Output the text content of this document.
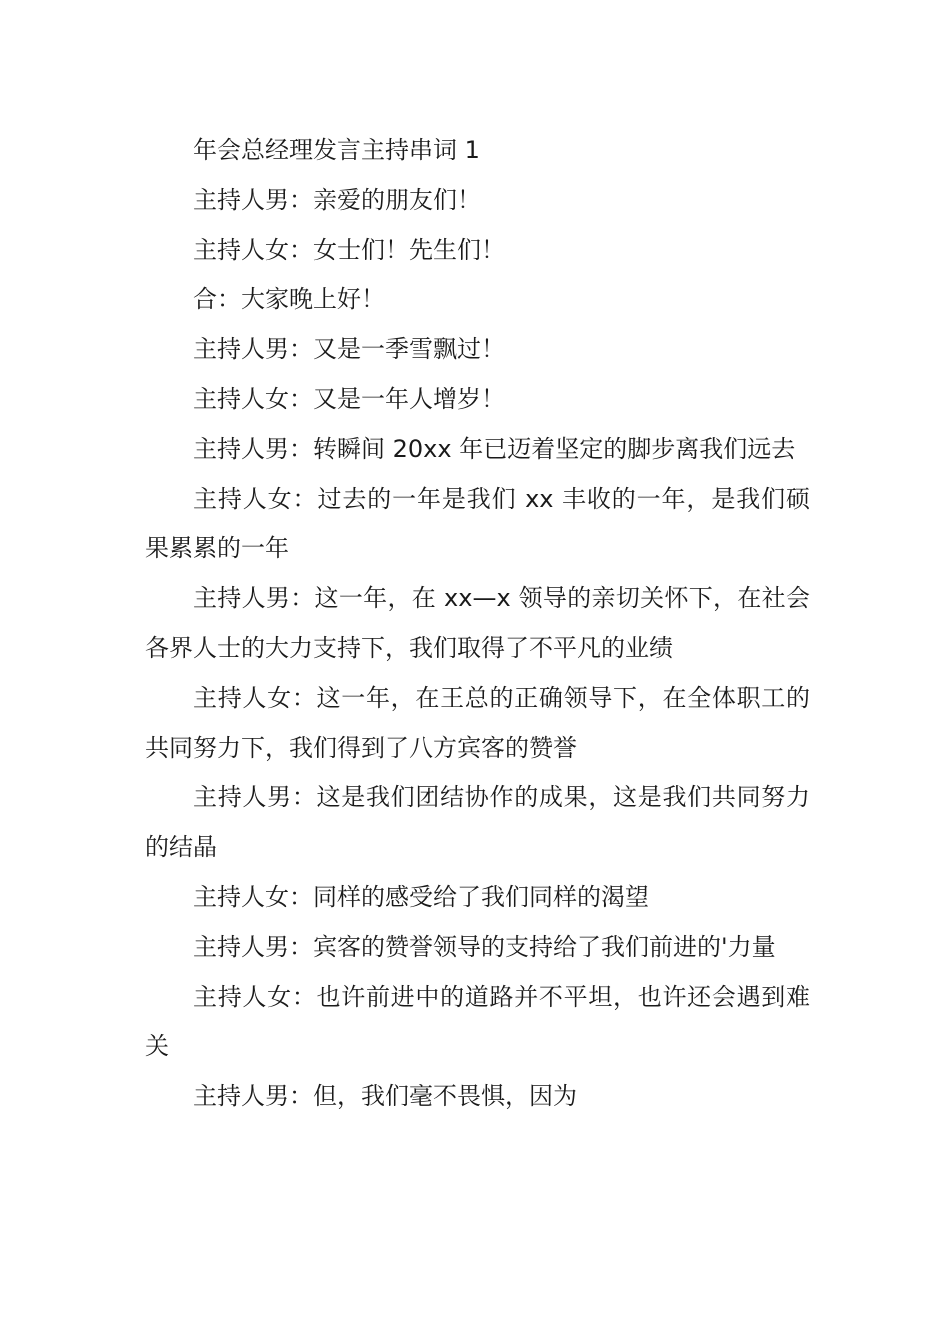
年会总经理发言主持串词 1

主持人男：亲爱的朋友们！

主持人女：女士们！先生们！

合：大家晚上好！

主持人男：又是一季雪飘过！

主持人女：又是一年人增岁！

主持人男：转瞬间 20xx 年已迈着坚定的脚步离我们远去

主持人女：过去的一年是我们 xx 丰收的一年，是我们硕果累累的一年

主持人男：这一年，在 xx—x 领导的亲切关怀下，在社会各界人士的大力支持下，我们取得了不平凡的业绩

主持人女：这一年，在王总的正确领导下，在全体职工的共同努力下，我们得到了八方宾客的赞誉

主持人男：这是我们团结协作的成果，这是我们共同努力的结晶

主持人女：同样的感受给了我们同样的渴望

主持人男：宾客的赞誉领导的支持给了我们前进的'力量

主持人女：也许前进中的道路并不平坦，也许还会遇到难关

主持人男：但，我们毫不畏惧，因为
